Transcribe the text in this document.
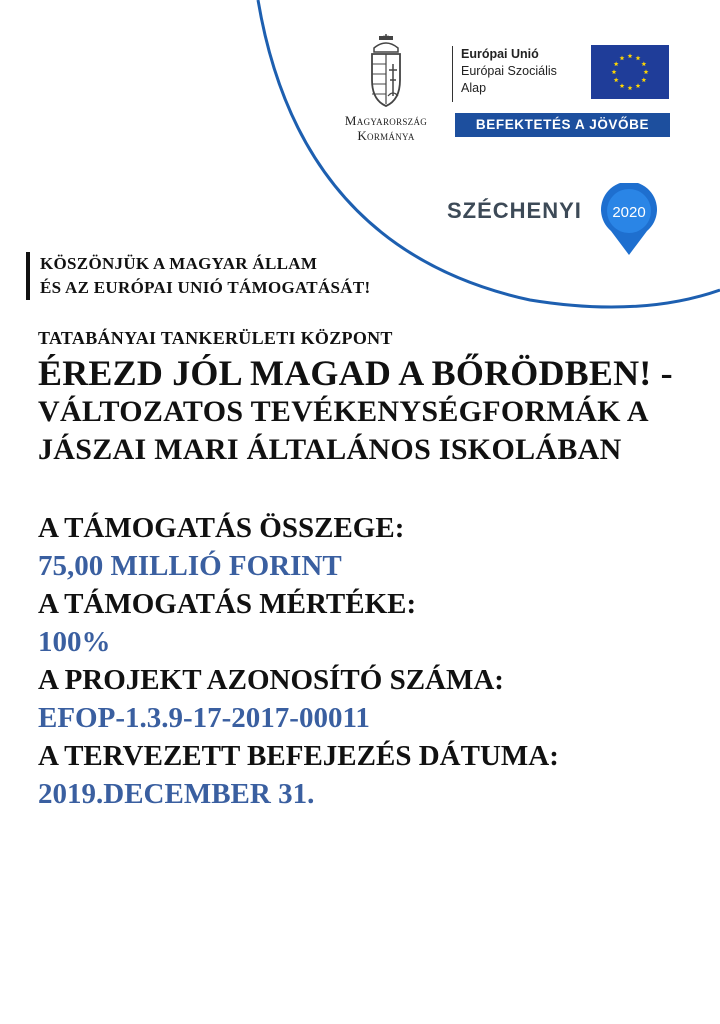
Magyarország
Kormánya
Európai Unió
Európai Szociális
Alap
BEFEKTETÉS A JÖVŐBE
SZÉCHENYI 2020
KÖSZÖNJÜK A MAGYAR ÁLLAM
ÉS AZ EURÓPAI UNIÓ TÁMOGATÁSÁT!
TATABÁNYAI TANKERÜLETI KÖZPONT
ÉREZD JÓL MAGAD A BŐRÖDBEN! -
VÁLTOZATOS TEVÉKENYSÉGFORMÁK A
JÁSZAI MARI ÁLTALÁNOS ISKOLÁBAN
A TÁMOGATÁS ÖSSZEGE:
75,00 MILLIÓ FORINT
A TÁMOGATÁS MÉRTÉKE:
100%
A PROJEKT AZONOSÍTÓ SZÁMA:
EFOP-1.3.9-17-2017-00011
A TERVEZETT BEFEJEZÉS DÁTUMA:
2019.DECEMBER 31.
